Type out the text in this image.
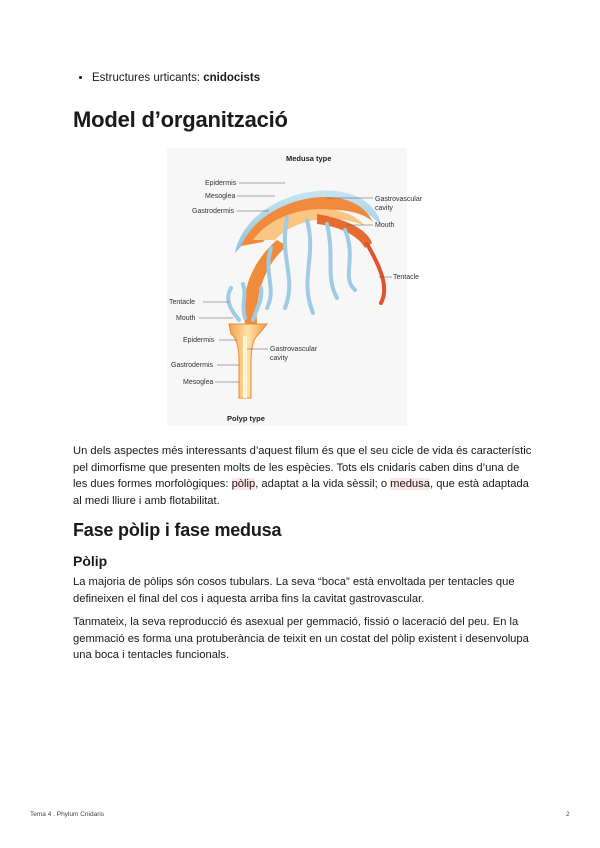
• Estructures urticants: cnidocists
Model d’organització
Medusa type
Epidermis
Mesoglea
Gastrodermis
Gastrovascular
cavity
Mouth
Tentacle
Tentacle
Mouth
Epidermis
Gastrovascular
cavity
Gastrodermis
Mesoglea
Polyp type

Un dels aspectes més interessants d’aquest filum és que el seu cicle de vida és característic pel dimorfisme que presenten molts de les espècies. Tots els cnidaris caben dins d’una de les dues formes morfològiques: pòlip, adaptat a la vida sèssil; o medusa, que està adaptada al medi lliure i amb flotabilitat.

Fase pòlip i fase medusa
Pòlip

La majoria de pòlips són cosos tubulars. La seva “boca” està envoltada per tentacles que defineixen el final del cos i aquesta arriba fins la cavitat gastrovascular.

Tanmateix, la seva reproducció és asexual per gemmació, fissió o laceració del peu. En la gemmació es forma una protuberància de teixit en un costat del pòlip existent i desenvolupa una boca i tentacles funcionals.

Tema 4 . Phylum Cnidaris	2
